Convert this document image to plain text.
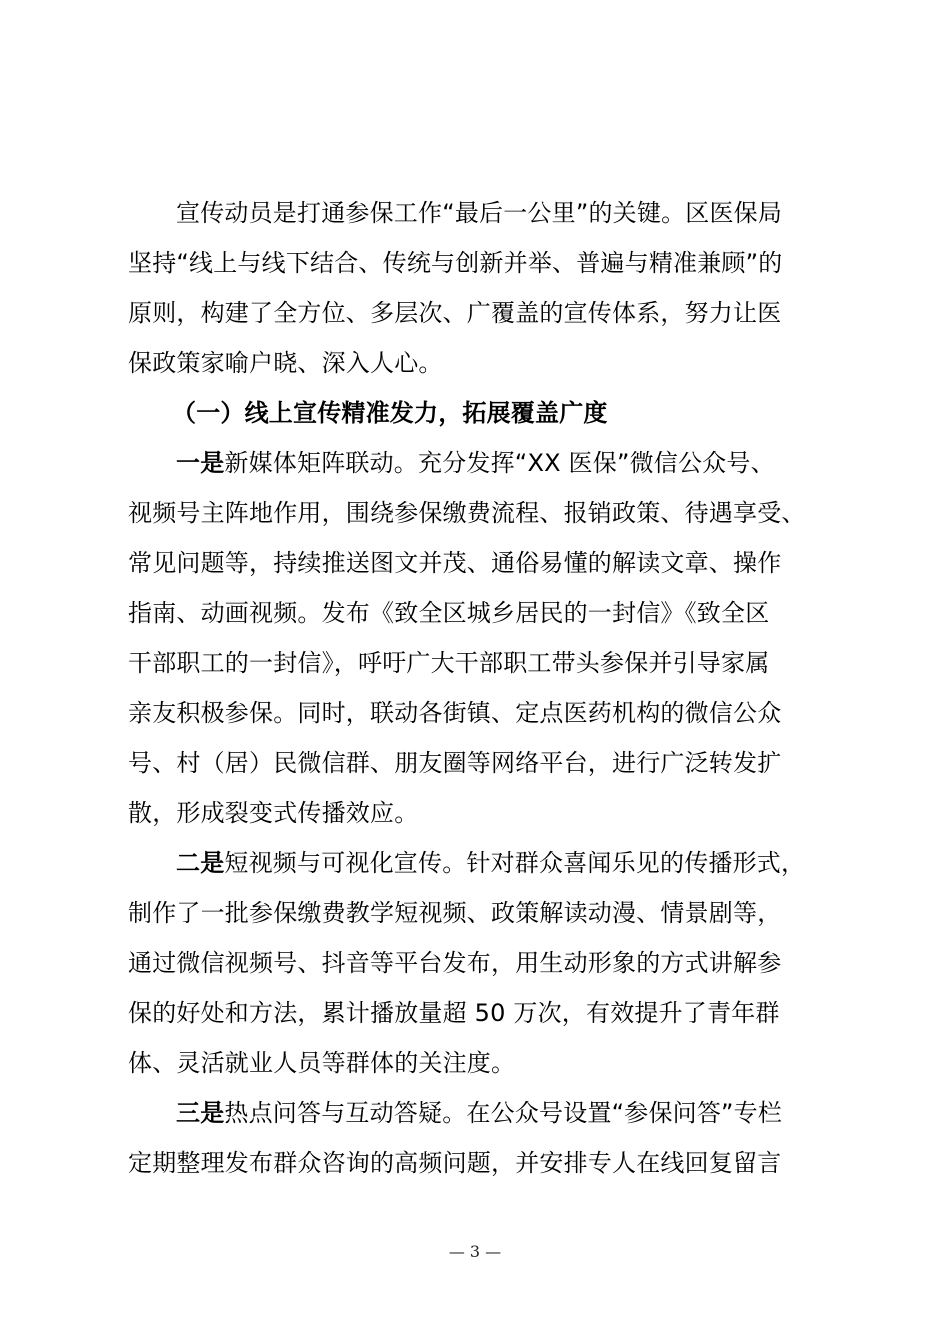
宣传动员是打通参保工作“最后一公里”的关键。区医保局
坚持“线上与线下结合、传统与创新并举、普遍与精准兼顾”的
原则，构建了全方位、多层次、广覆盖的宣传体系，努力让医
保政策家喻户晓、深入人心。
（一）线上宣传精准发力，拓展覆盖广度
一是新媒体矩阵联动。充分发挥“XX 医保”微信公众号、
视频号主阵地作用，围绕参保缴费流程、报销政策、待遇享受、
常见问题等，持续推送图文并茂、通俗易懂的解读文章、操作
指南、动画视频。发布《致全区城乡居民的一封信》《致全区
干部职工的一封信》，呼吁广大干部职工带头参保并引导家属
亲友积极参保。同时，联动各街镇、定点医药机构的微信公众
号、村（居）民微信群、朋友圈等网络平台，进行广泛转发扩
散，形成裂变式传播效应。
二是短视频与可视化宣传。针对群众喜闻乐见的传播形式，
制作了一批参保缴费教学短视频、政策解读动漫、情景剧等，
通过微信视频号、抖音等平台发布，用生动形象的方式讲解参
保的好处和方法，累计播放量超 50 万次，有效提升了青年群
体、灵活就业人员等群体的关注度。
三是热点问答与互动答疑。在公众号设置“参保问答”专栏
定期整理发布群众咨询的高频问题，并安排专人在线回复留言
— 3 —
